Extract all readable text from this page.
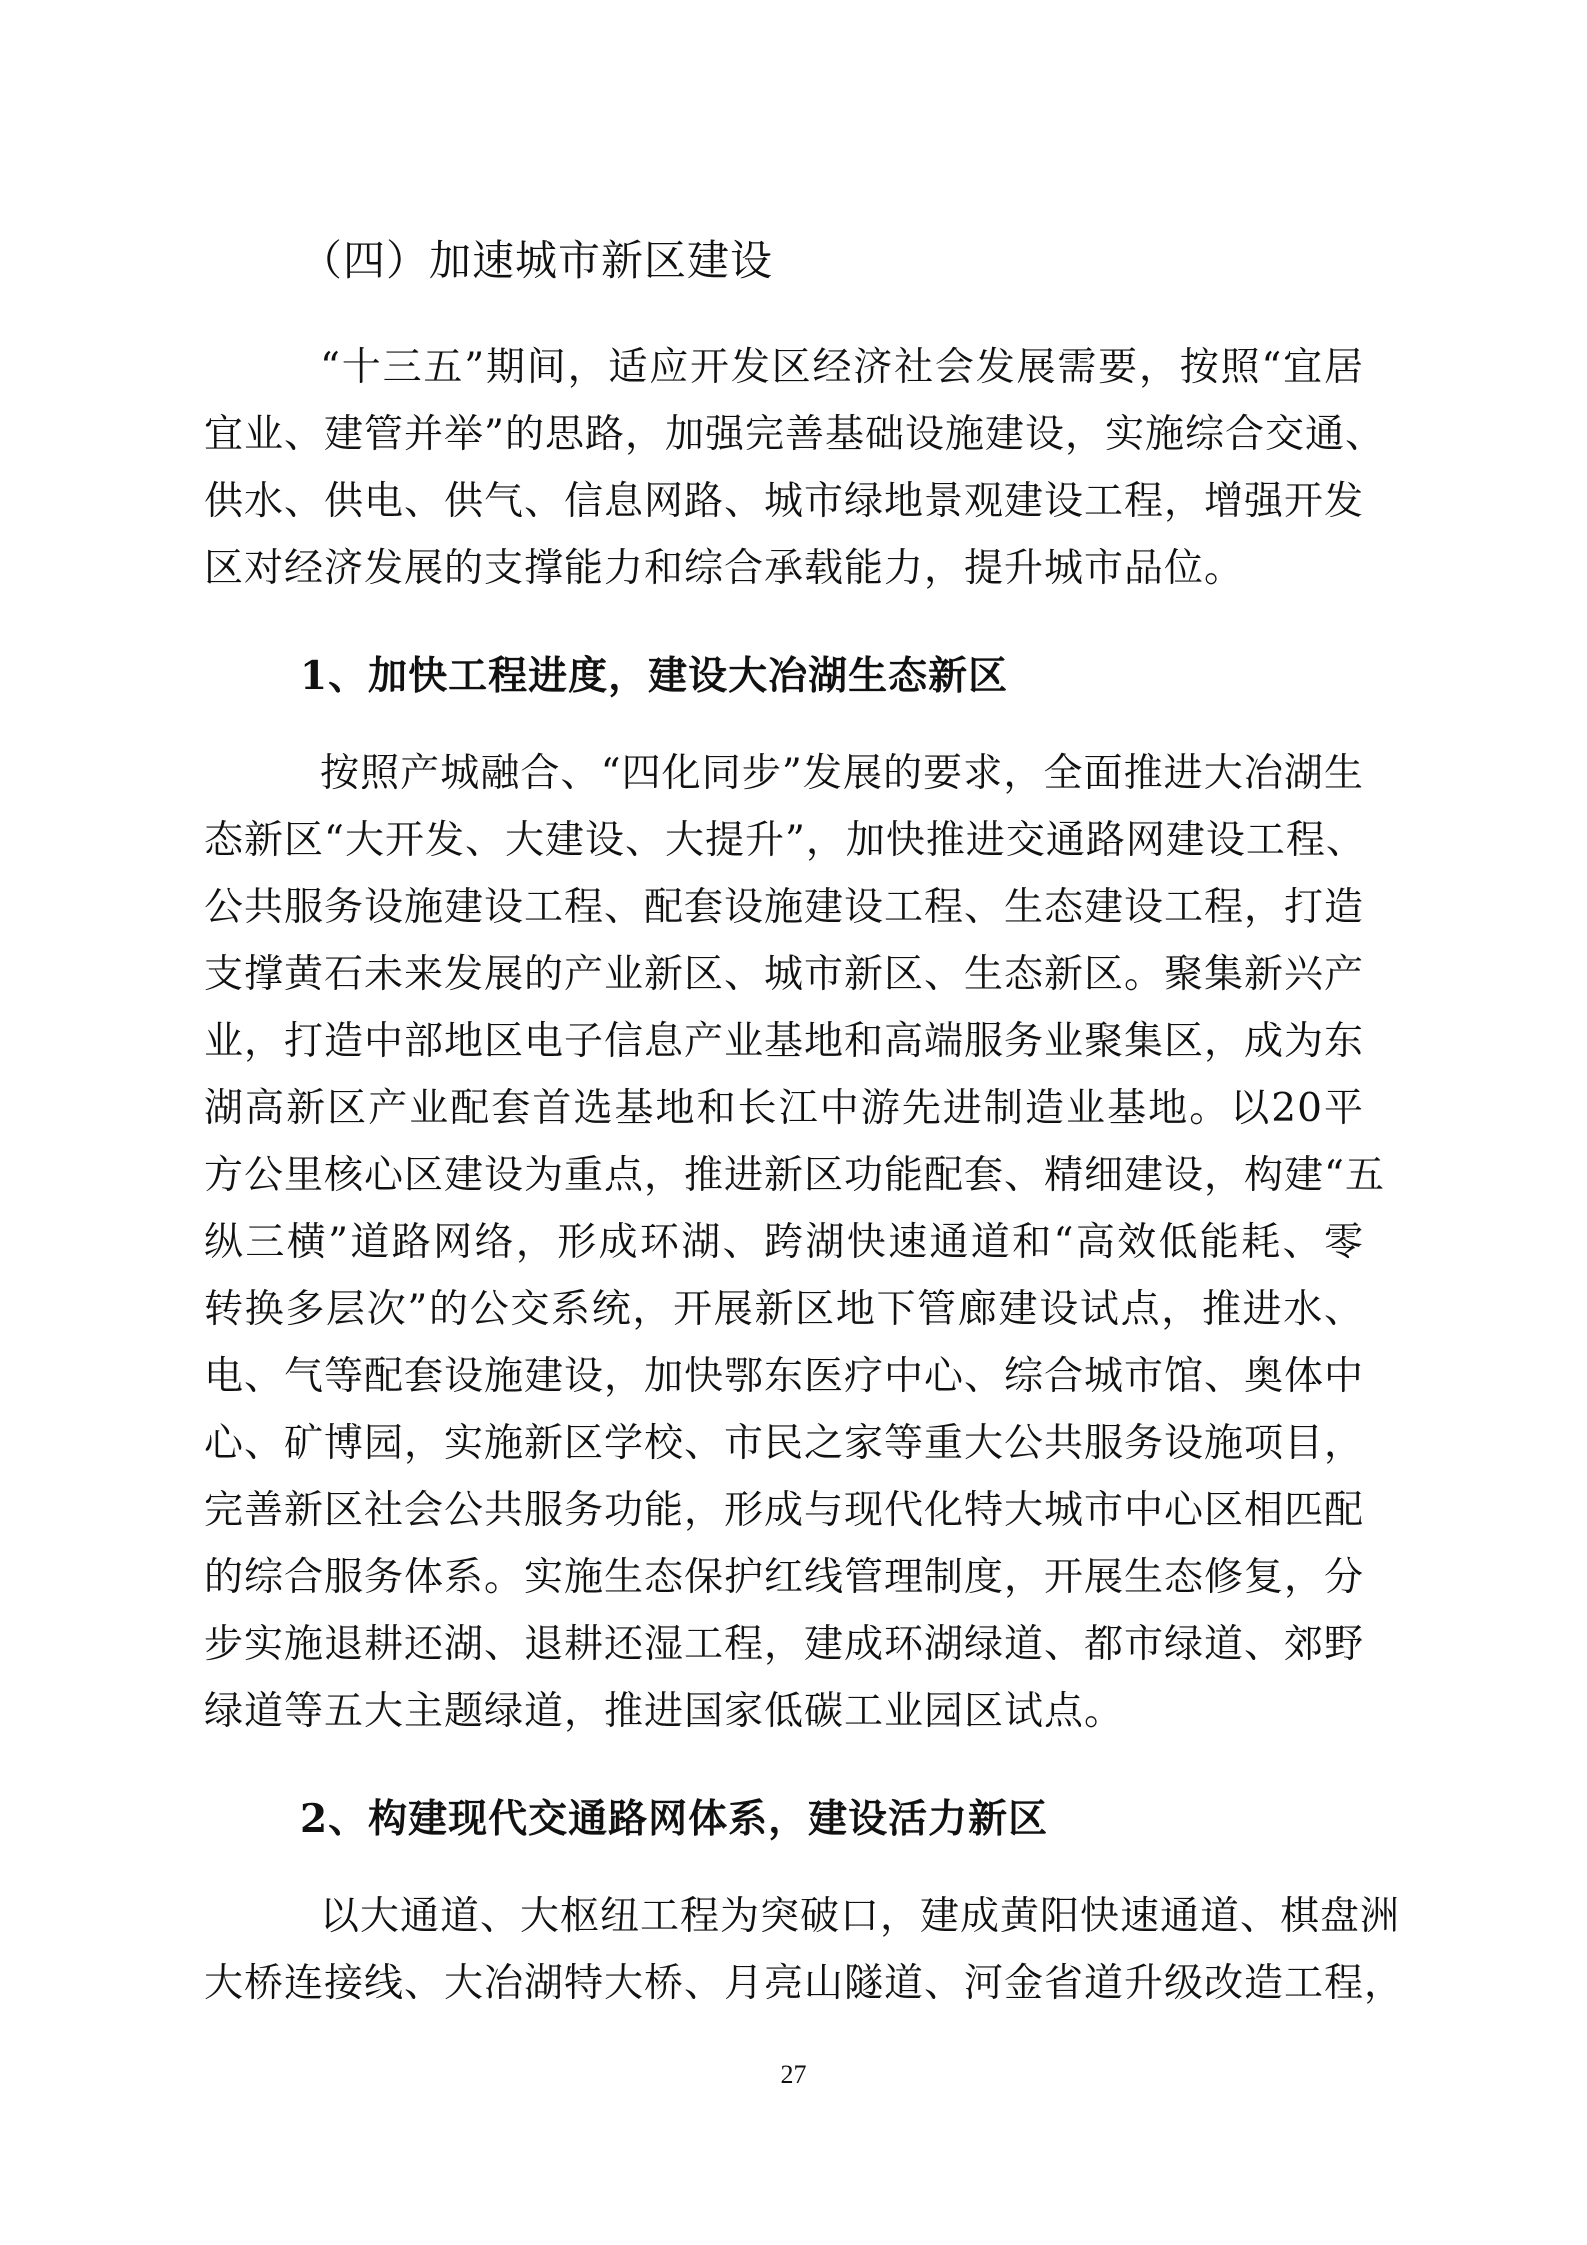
（四）加速城市新区建设
“十三五”期间，适应开发区经济社会发展需要，按照“宜居
宜业、建管并举”的思路，加强完善基础设施建设，实施综合交通、
供水、供电、供气、信息网路、城市绿地景观建设工程，增强开发
区对经济发展的支撑能力和综合承载能力，提升城市品位。
1、加快工程进度，建设大冶湖生态新区
按照产城融合、“四化同步”发展的要求，全面推进大冶湖生
态新区“大开发、大建设、大提升”，加快推进交通路网建设工程、
公共服务设施建设工程、配套设施建设工程、生态建设工程，打造
支撑黄石未来发展的产业新区、城市新区、生态新区。聚集新兴产
业，打造中部地区电子信息产业基地和高端服务业聚集区，成为东
湖高新区产业配套首选基地和长江中游先进制造业基地。以20平
方公里核心区建设为重点，推进新区功能配套、精细建设，构建“五
纵三横”道路网络，形成环湖、跨湖快速通道和“高效低能耗、零
转换多层次”的公交系统，开展新区地下管廊建设试点，推进水、
电、气等配套设施建设，加快鄂东医疗中心、综合城市馆、奥体中
心、矿博园，实施新区学校、市民之家等重大公共服务设施项目，
完善新区社会公共服务功能，形成与现代化特大城市中心区相匹配
的综合服务体系。实施生态保护红线管理制度，开展生态修复，分
步实施退耕还湖、退耕还湿工程，建成环湖绿道、都市绿道、郊野
绿道等五大主题绿道，推进国家低碳工业园区试点。
2、构建现代交通路网体系，建设活力新区
以大通道、大枢纽工程为突破口，建成黄阳快速通道、棋盘洲
大桥连接线、大冶湖特大桥、月亮山隧道、河金省道升级改造工程，
27
